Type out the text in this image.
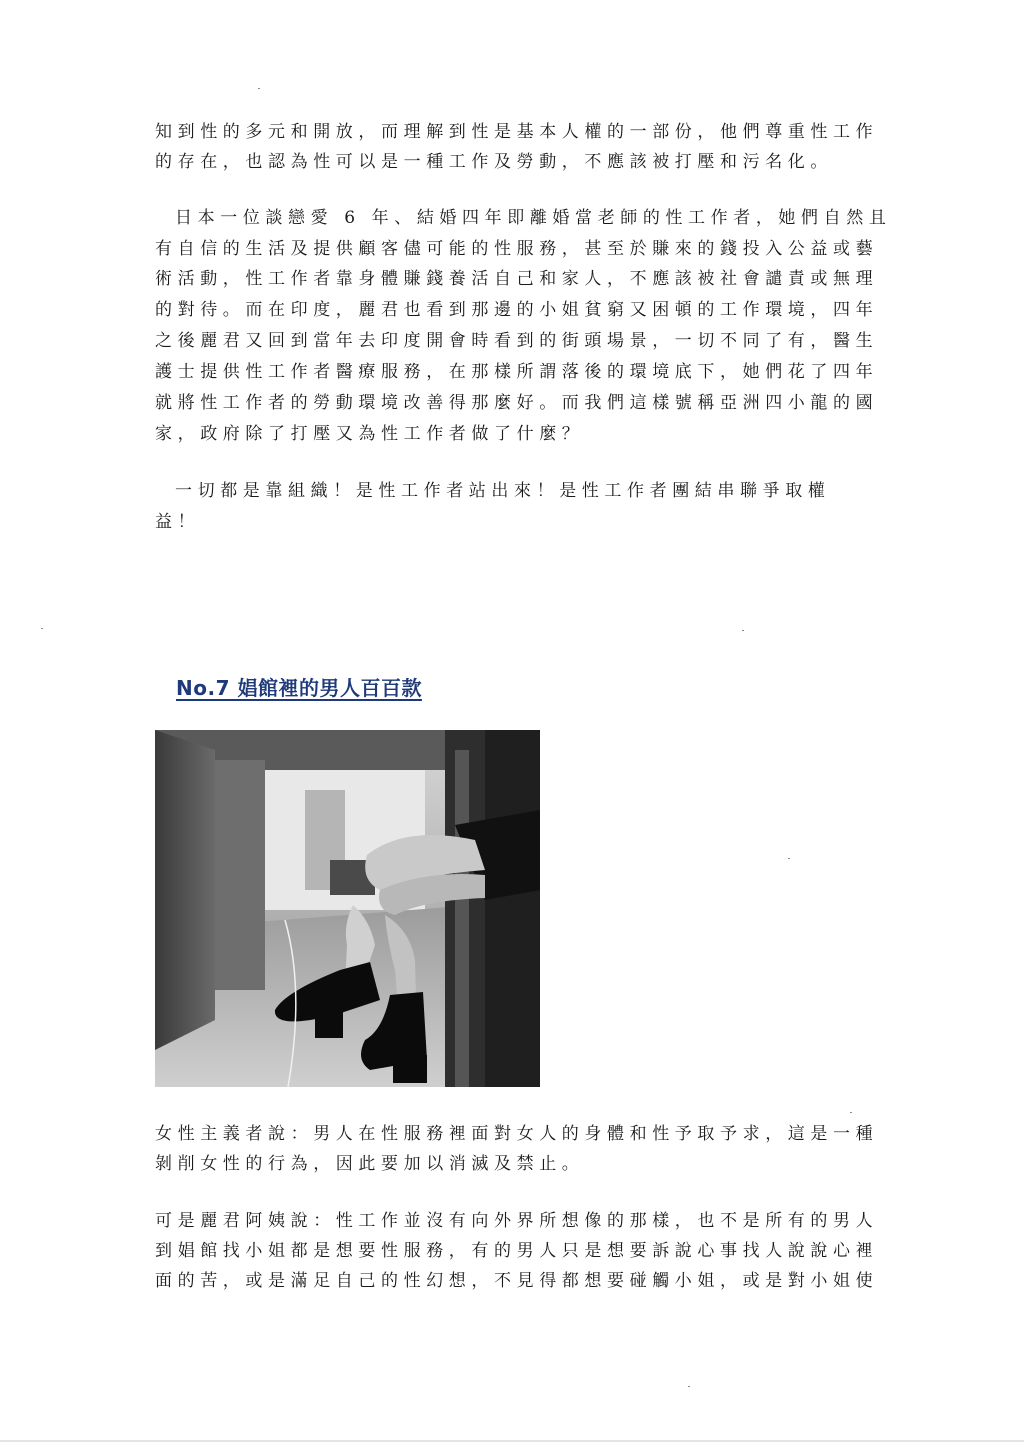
知到性的多元和開放，而理解到性是基本人權的一部份，他們尊重性工作

的存在，也認為性可以是一種工作及勞動，不應該被打壓和污名化。

日本一位談戀愛 6 年、結婚四年即離婚當老師的性工作者，她們自然且

有自信的生活及提供顧客儘可能的性服務，甚至於賺來的錢投入公益或藝

術活動，性工作者靠身體賺錢養活自己和家人，不應該被社會譴責或無理

的對待。而在印度，麗君也看到那邊的小姐貧窮又困頓的工作環境，四年

之後麗君又回到當年去印度開會時看到的街頭場景，一切不同了有，醫生

護士提供性工作者醫療服務，在那樣所謂落後的環境底下，她們花了四年

就將性工作者的勞動環境改善得那麼好。而我們這樣號稱亞洲四小龍的國

家，政府除了打壓又為性工作者做了什麼？

一切都是靠組織！是性工作者站出來！是性工作者團結串聯爭取權

益！

No.7 娼館裡的男人百百款

女性主義者說：男人在性服務裡面對女人的身體和性予取予求，這是一種

剝削女性的行為，因此要加以消滅及禁止。

可是麗君阿姨說：性工作並沒有向外界所想像的那樣，也不是所有的男人

到娼館找小姐都是想要性服務，有的男人只是想要訴說心事找人說說心裡

面的苦，或是滿足自己的性幻想，不見得都想要碰觸小姐，或是對小姐使
